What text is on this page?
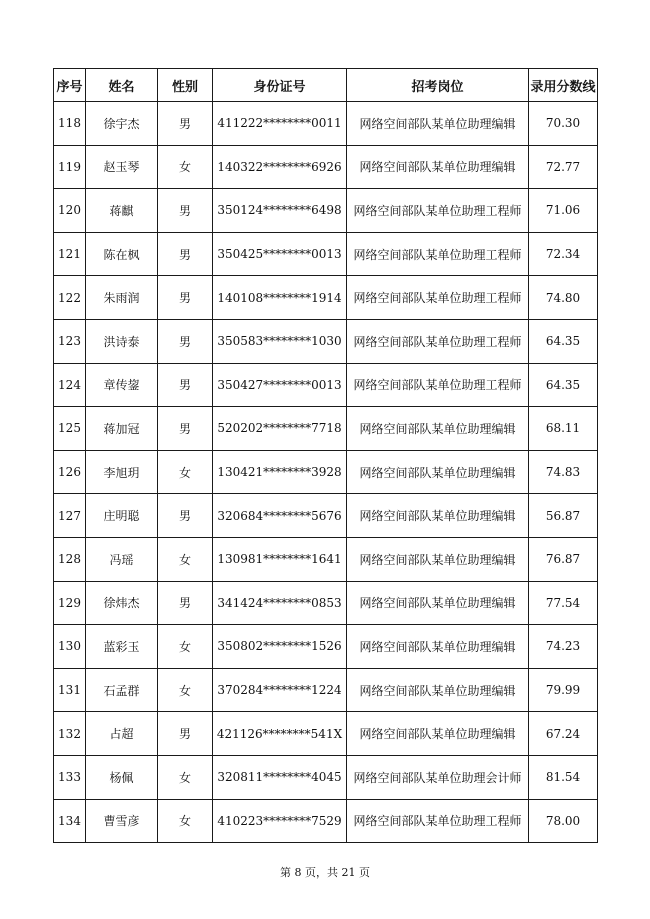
序号	姓名	性别	身份证号	招考岗位	录用分数线
118	徐宇杰	男	411222********0011	网络空间部队某单位助理编辑	70.30
119	赵玉琴	女	140322********6926	网络空间部队某单位助理编辑	72.77
120	蒋麒	男	350124********6498	网络空间部队某单位助理工程师	71.06
121	陈在枫	男	350425********0013	网络空间部队某单位助理工程师	72.34
122	朱雨润	男	140108********1914	网络空间部队某单位助理工程师	74.80
123	洪诗泰	男	350583********1030	网络空间部队某单位助理工程师	64.35
124	章传鋆	男	350427********0013	网络空间部队某单位助理工程师	64.35
125	蒋加冠	男	520202********7718	网络空间部队某单位助理编辑	68.11
126	李旭玥	女	130421********3928	网络空间部队某单位助理编辑	74.83
127	庄明聪	男	320684********5676	网络空间部队某单位助理编辑	56.87
128	冯瑶	女	130981********1641	网络空间部队某单位助理编辑	76.87
129	徐炜杰	男	341424********0853	网络空间部队某单位助理编辑	77.54
130	蓝彩玉	女	350802********1526	网络空间部队某单位助理编辑	74.23
131	石孟群	女	370284********1224	网络空间部队某单位助理编辑	79.99
132	占超	男	421126********541X	网络空间部队某单位助理编辑	67.24
133	杨佩	女	320811********4045	网络空间部队某单位助理会计师	81.54
134	曹雪彦	女	410223********7529	网络空间部队某单位助理工程师	78.00
第 8 页，共 21 页
